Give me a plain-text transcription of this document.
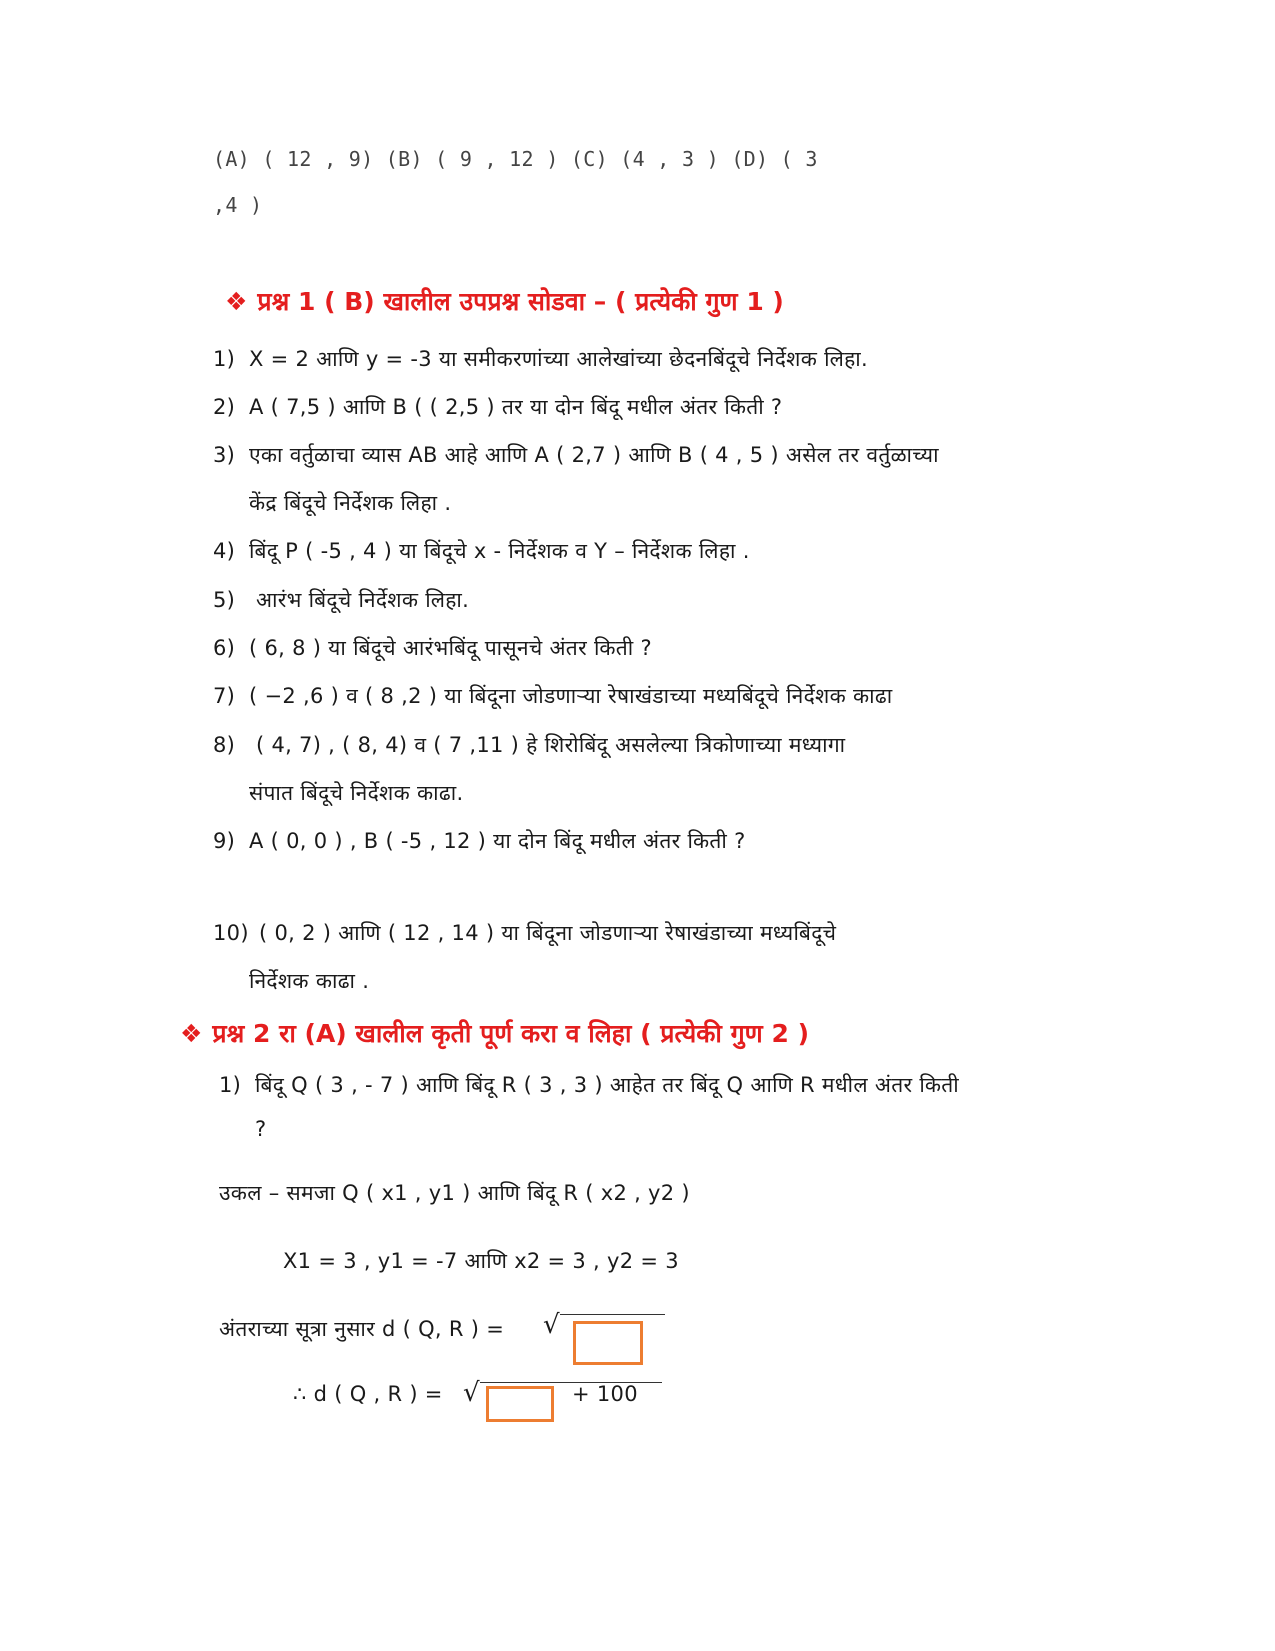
(A) ( 12 , 9) (B) ( 9 , 12 ) (C) (4 , 3 ) (D) ( 3
,4 )
❖ प्रश्न 1 ( B) खालील उपप्रश्न सोडवा – ( प्रत्येकी गुण 1 )
1) X = 2 आणि y = -3 या समीकरणांच्या आलेखांच्या छेदनबिंदूचे निर्देशक लिहा.
2) A ( 7,5 ) आणि B ( ( 2,5 ) तर या दोन बिंदू मधील अंतर किती ?
3) एका वर्तुळाचा व्यास AB आहे आणि A ( 2,7 ) आणि B ( 4 , 5 ) असेल तर वर्तुळाच्या
केंद्र बिंदूचे निर्देशक लिहा .
4) बिंदू P ( -5 , 4 ) या बिंदूचे x - निर्देशक व Y – निर्देशक लिहा .
5) आरंभ बिंदूचे निर्देशक लिहा.
6) ( 6, 8 ) या बिंदूचे आरंभबिंदू पासूनचे अंतर किती ?
7) ( −2 ,6 ) व ( 8 ,2 ) या बिंदूना जोडणाऱ्या रेषाखंडाच्या मध्यबिंदूचे निर्देशक काढा
8) ( 4, 7) , ( 8, 4) व ( 7 ,11 ) हे शिरोबिंदू असलेल्या त्रिकोणाच्या मध्यागा
संपात बिंदूचे निर्देशक काढा.
9) A ( 0, 0 ) , B ( -5 , 12 ) या दोन बिंदू मधील अंतर किती ?
10) ( 0, 2 ) आणि ( 12 , 14 ) या बिंदूना जोडणाऱ्या रेषाखंडाच्या मध्यबिंदूचे
निर्देशक काढा .
❖ प्रश्न 2 रा (A) खालील कृती पूर्ण करा व लिहा ( प्रत्येकी गुण 2 )
1) बिंदू Q ( 3 , - 7 ) आणि बिंदू R ( 3 , 3 ) आहेत तर बिंदू Q आणि R मधील अंतर किती
?
उकल – समजा Q ( x1 , y1 ) आणि बिंदू R ( x2 , y2 )
X1 = 3 , y1 = -7 आणि x2 = 3 , y2 = 3
अंतराच्या सूत्रा नुसार d ( Q, R ) = √
∴ d ( Q , R ) = √	+ 100
